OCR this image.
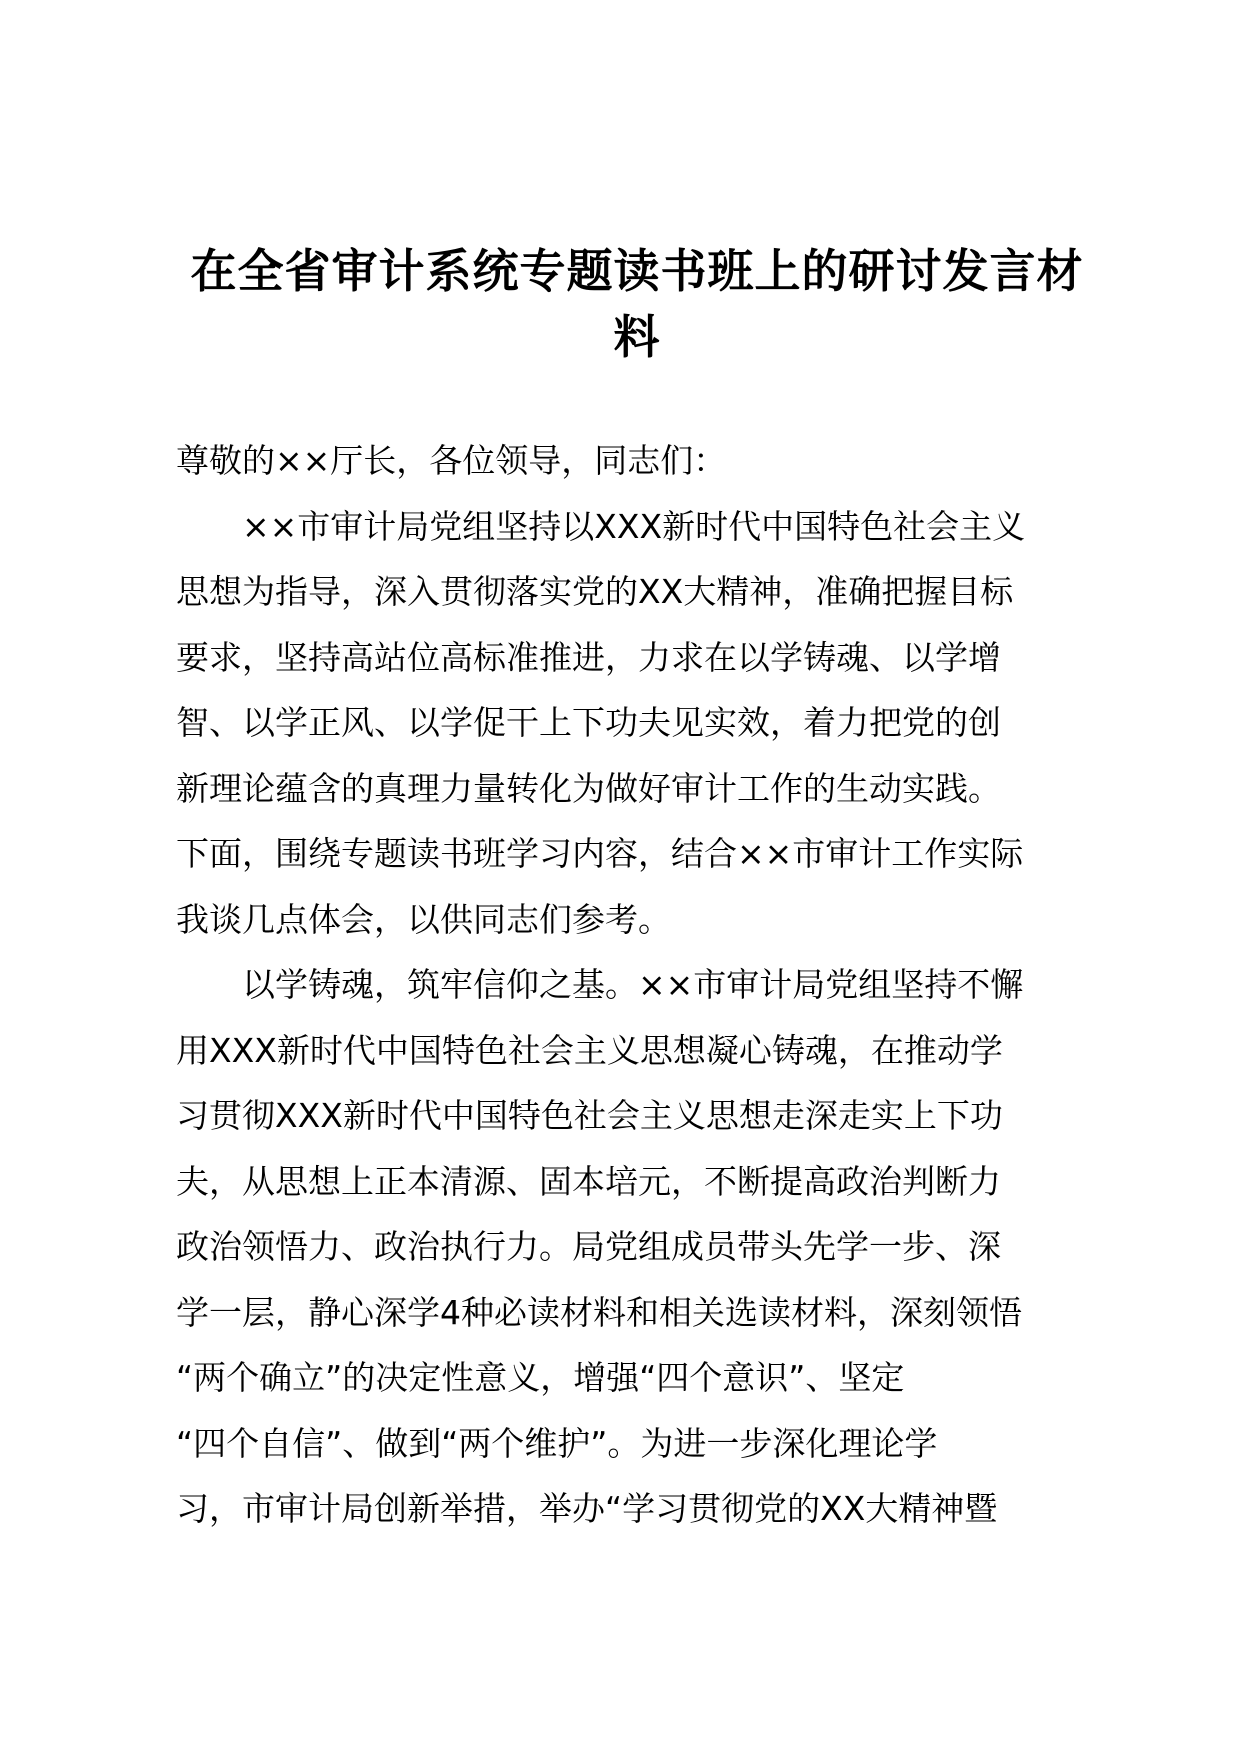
在全省审计系统专题读书班上的研讨发言材
料
尊敬的××厅长，各位领导，同志们：
　　××市审计局党组坚持以XXX新时代中国特色社会主义
思想为指导，深入贯彻落实党的XX大精神，准确把握目标
要求，坚持高站位高标准推进，力求在以学铸魂、以学增
智、以学正风、以学促干上下功夫见实效，着力把党的创
新理论蕴含的真理力量转化为做好审计工作的生动实践。
下面，围绕专题读书班学习内容，结合××市审计工作实际
我谈几点体会，以供同志们参考。
　　以学铸魂，筑牢信仰之基。××市审计局党组坚持不懈
用XXX新时代中国特色社会主义思想凝心铸魂，在推动学
习贯彻XXX新时代中国特色社会主义思想走深走实上下功
夫，从思想上正本清源、固本培元，不断提高政治判断力
政治领悟力、政治执行力。局党组成员带头先学一步、深
学一层，静心深学4种必读材料和相关选读材料，深刻领悟
“两个确立”的决定性意义，增强“四个意识”、坚定
“四个自信”、做到“两个维护”。为进一步深化理论学
习，市审计局创新举措，举办“学习贯彻党的XX大精神暨
